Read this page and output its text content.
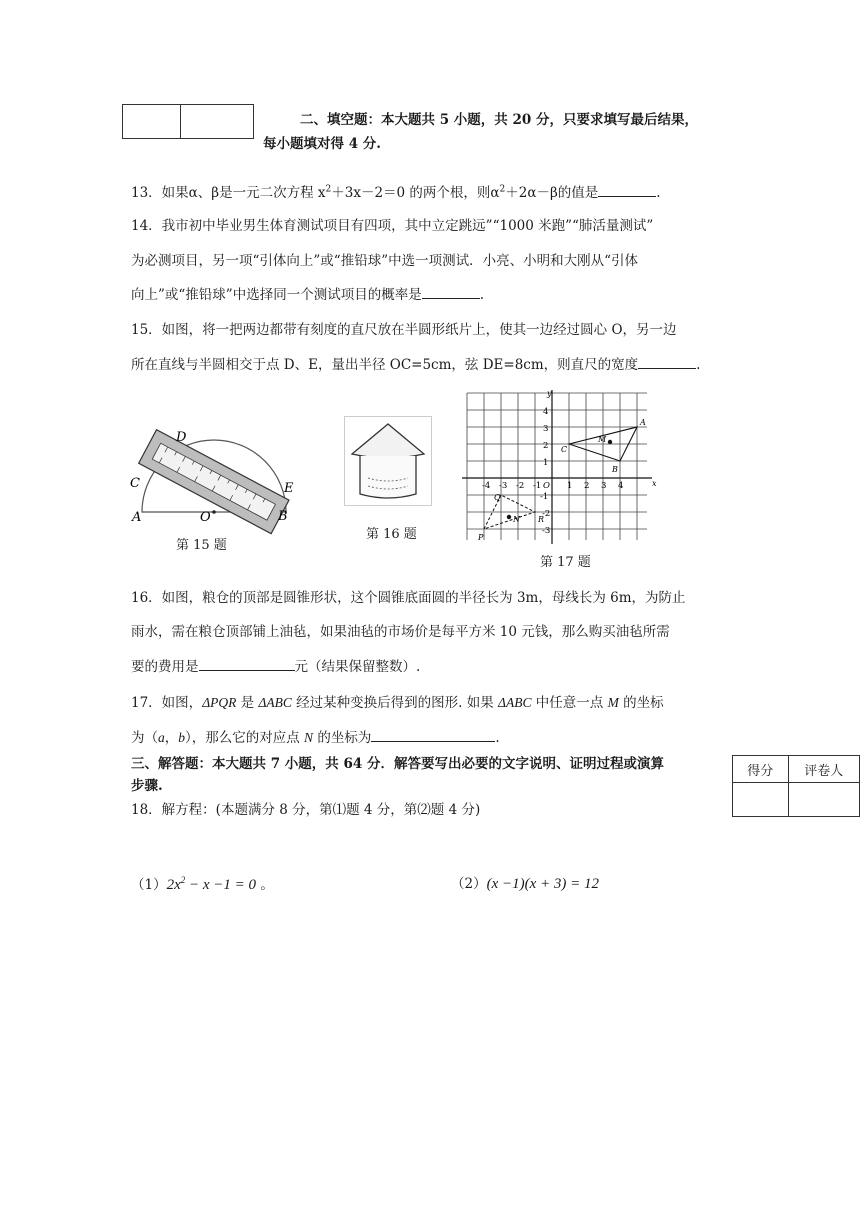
二、填空题：本大题共 5 小题，共 20 分，只要求填写最后结果，
每小题填对得 4 分.
13．如果α、β是一元二次方程 $x^2+3x-2=0$ 的两个根，则$\alpha^2+2\alpha-\beta$的值是	.
14．我市初中毕业男生体育测试项目有四项，其中立定跳远”“1000 米跑”“肺活量测试”
为必测项目，另一项“引体向上”或“推铅球”中选一项测试．小亮、小明和大刚从“引体
向上”或“推铅球”中选择同一个测试项目的概率是	.
15．如图，将一把两边都带有刻度的直尺放在半圆形纸片上，使其一边经过圆心 O，另一边
所在直线与半圆相交于点 D、E，量出半径 OC=5cm，弦 DE=8cm，则直尺的宽度	.
D
C
A	O
E
B
第 15 题
第 16 题
x
y
-4 -3 -2 -1 O 1 2 3 4
4
3
2
1
-1
-2
-3
A
B
C
M
P
Q
R
N
第 17 题
16．如图，粮仓的顶部是圆锥形状，这个圆锥底面圆的半径长为 3m，母线长为 6m，为防止
雨水，需在粮仓顶部铺上油毡，如果油毡的市场价是每平方米 10 元钱，那么购买油毡所需
要的费用是	元（结果保留整数）.
17．如图，ΔPQR 是 ΔABC 经过某种变换后得到的图形. 如果 ΔABC 中任意一点 M 的坐标
为（a，b），那么它的对应点 N 的坐标为	.
三、解答题：本大题共 7 小题，共 64 分．解答要写出必要的文字说明、证明过程或演算
步骤.
得分	评卷人

18．解方程：(本题满分 8 分，第⑴题 4 分，第⑵题 4 分)
$(1)2x^2 - x -1 = 0$ 。	（2）(x −1)(x + 3) = 12
